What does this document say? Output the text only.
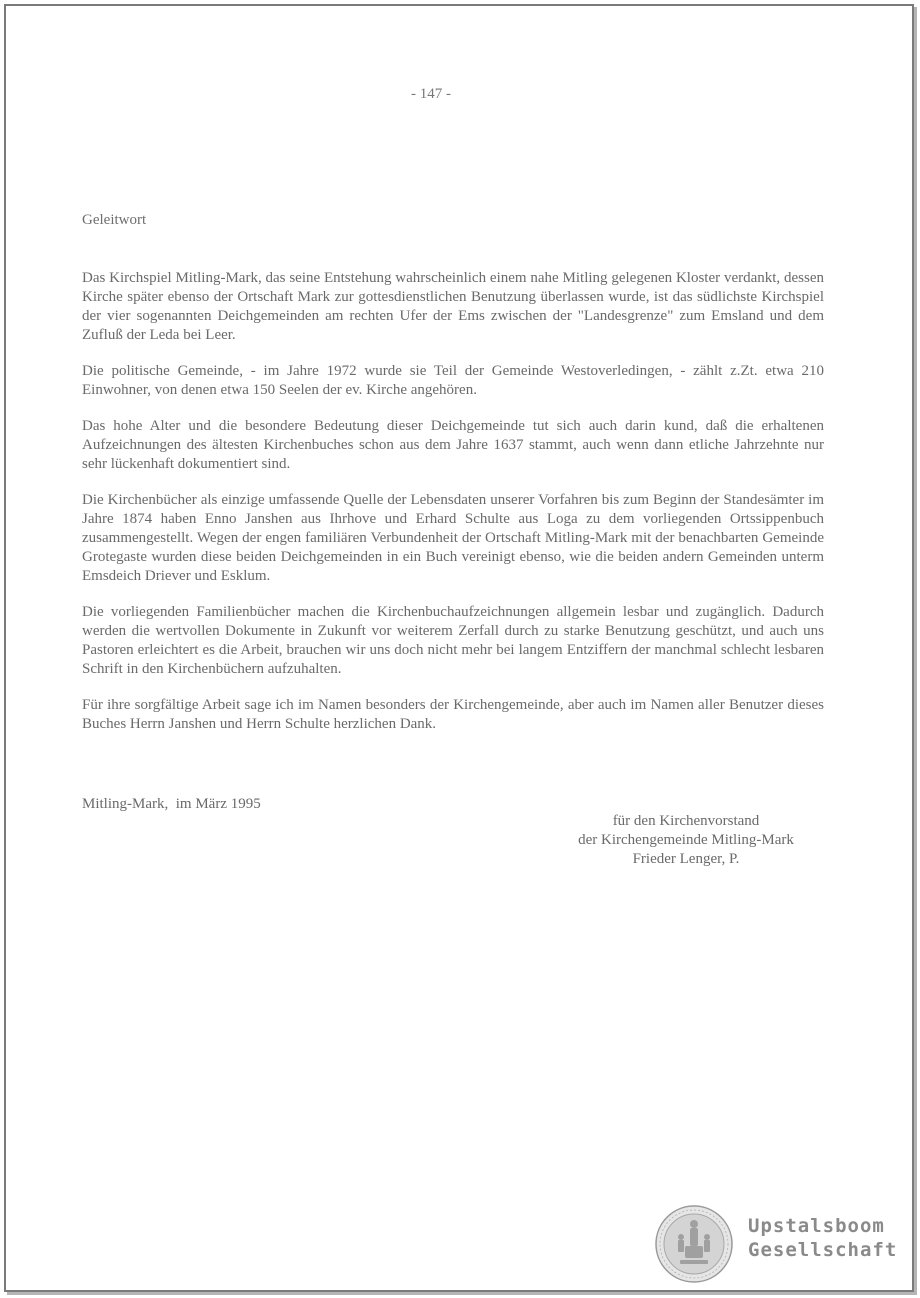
- 147 -
Geleitwort

Das Kirchspiel Mitling-Mark, das seine Entstehung wahrscheinlich einem nahe Mitling gelegenen Kloster verdankt, dessen Kirche später ebenso der Ortschaft Mark zur gottesdienstlichen Benutzung überlassen wurde, ist das südlichste Kirchspiel der vier sogenannten Deichgemeinden am rechten Ufer der Ems zwischen der "Landesgrenze" zum Emsland und dem Zufluß der Leda bei Leer.

Die politische Gemeinde, - im Jahre 1972 wurde sie Teil der Gemeinde Westoverledingen, - zählt z.Zt. etwa 210 Einwohner, von denen etwa 150 Seelen der ev. Kirche angehören.

Das hohe Alter und die besondere Bedeutung dieser Deichgemeinde tut sich auch darin kund, daß die erhaltenen Aufzeichnungen des ältesten Kirchenbuches schon aus dem Jahre 1637 stammt, auch wenn dann etliche Jahrzehnte nur sehr lückenhaft dokumentiert sind.

Die Kirchenbücher als einzige umfassende Quelle der Lebensdaten unserer Vorfahren bis zum Beginn der Standesämter im Jahre 1874 haben Enno Janshen aus Ihrhove und Erhard Schulte aus Loga zu dem vorliegenden Ortssippenbuch zusammengestellt. Wegen der engen familiären Verbundenheit der Ortschaft Mitling-Mark mit der benachbarten Gemeinde Grotegaste wurden diese beiden Deichgemeinden in ein Buch vereinigt ebenso, wie die beiden andern Gemeinden unterm Emsdeich Driever und Esklum.

Die vorliegenden Familienbücher machen die Kirchenbuchaufzeichnungen allgemein lesbar und zugänglich. Dadurch werden die wertvollen Dokumente in Zukunft vor weiterem Zerfall durch zu starke Benutzung geschützt, und auch uns Pastoren erleichtert es die Arbeit, brauchen wir uns doch nicht mehr bei langem Entziffern der manchmal schlecht lesbaren Schrift in den Kirchenbüchern aufzuhalten.

Für ihre sorgfältige Arbeit sage ich im Namen besonders der Kirchengemeinde, aber auch im Namen aller Benutzer dieses Buches Herrn Janshen und Herrn Schulte herzlichen Dank.

Mitling-Mark,  im März 1995
für den Kirchenvorstand
der Kirchengemeinde Mitling-Mark
Frieder Lenger, P.
Upstalsboom
Gesellschaft
